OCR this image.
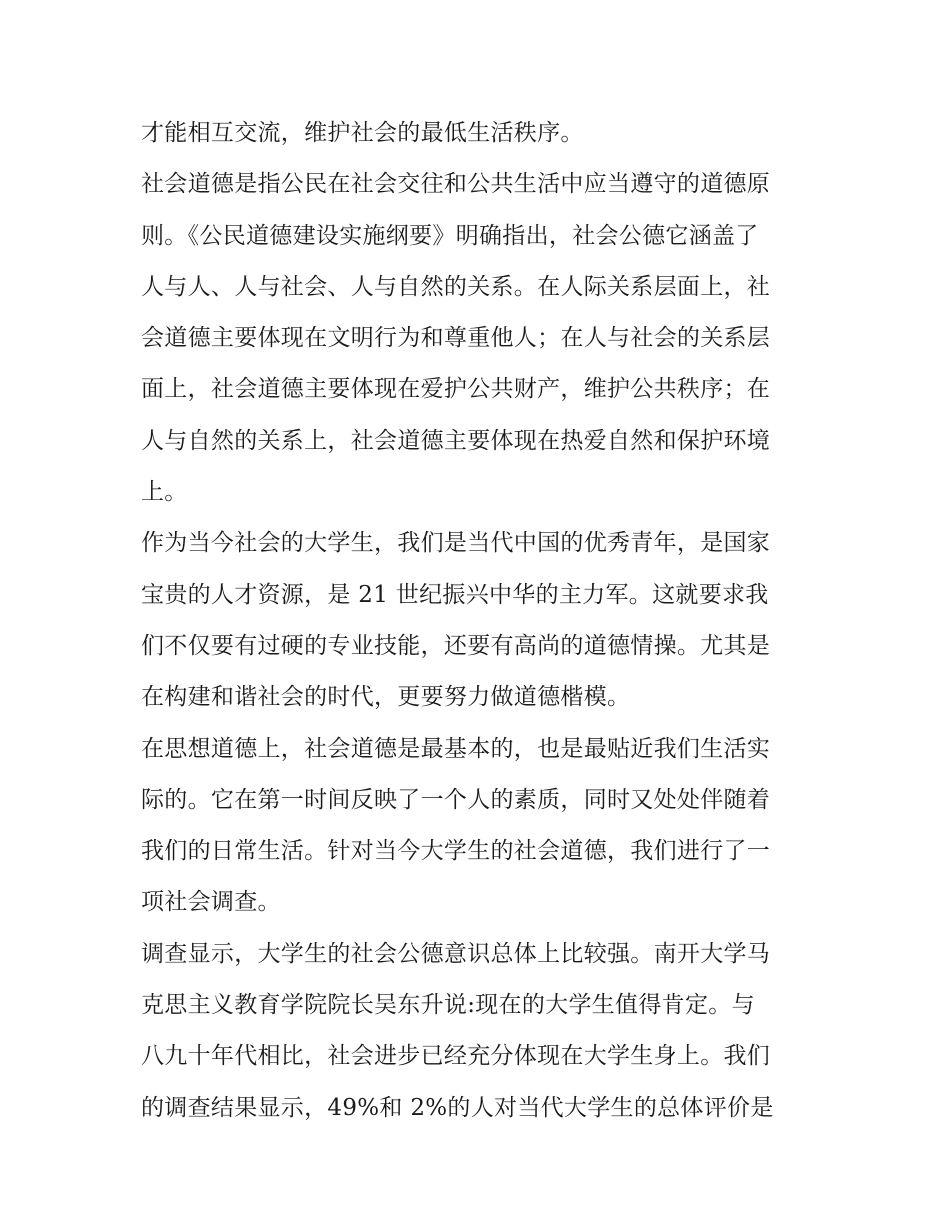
才能相互交流，维护社会的最低生活秩序。
社会道德是指公民在社会交往和公共生活中应当遵守的道德原
则。《公民道德建设实施纲要》明确指出，社会公德它涵盖了
人与人、人与社会、人与自然的关系。在人际关系层面上，社
会道德主要体现在文明行为和尊重他人；在人与社会的关系层
面上，社会道德主要体现在爱护公共财产，维护公共秩序；在
人与自然的关系上，社会道德主要体现在热爱自然和保护环境
上。
作为当今社会的大学生，我们是当代中国的优秀青年，是国家
宝贵的人才资源，是 21 世纪振兴中华的主力军。这就要求我
们不仅要有过硬的专业技能，还要有高尚的道德情操。尤其是
在构建和谐社会的时代，更要努力做道德楷模。
在思想道德上，社会道德是最基本的，也是最贴近我们生活实
际的。它在第一时间反映了一个人的素质，同时又处处伴随着
我们的日常生活。针对当今大学生的社会道德，我们进行了一
项社会调查。
调查显示，大学生的社会公德意识总体上比较强。南开大学马
克思主义教育学院院长吴东升说:现在的大学生值得肯定。与
八九十年代相比，社会进步已经充分体现在大学生身上。我们
的调查结果显示，49%和 2%的人对当代大学生的总体评价是
